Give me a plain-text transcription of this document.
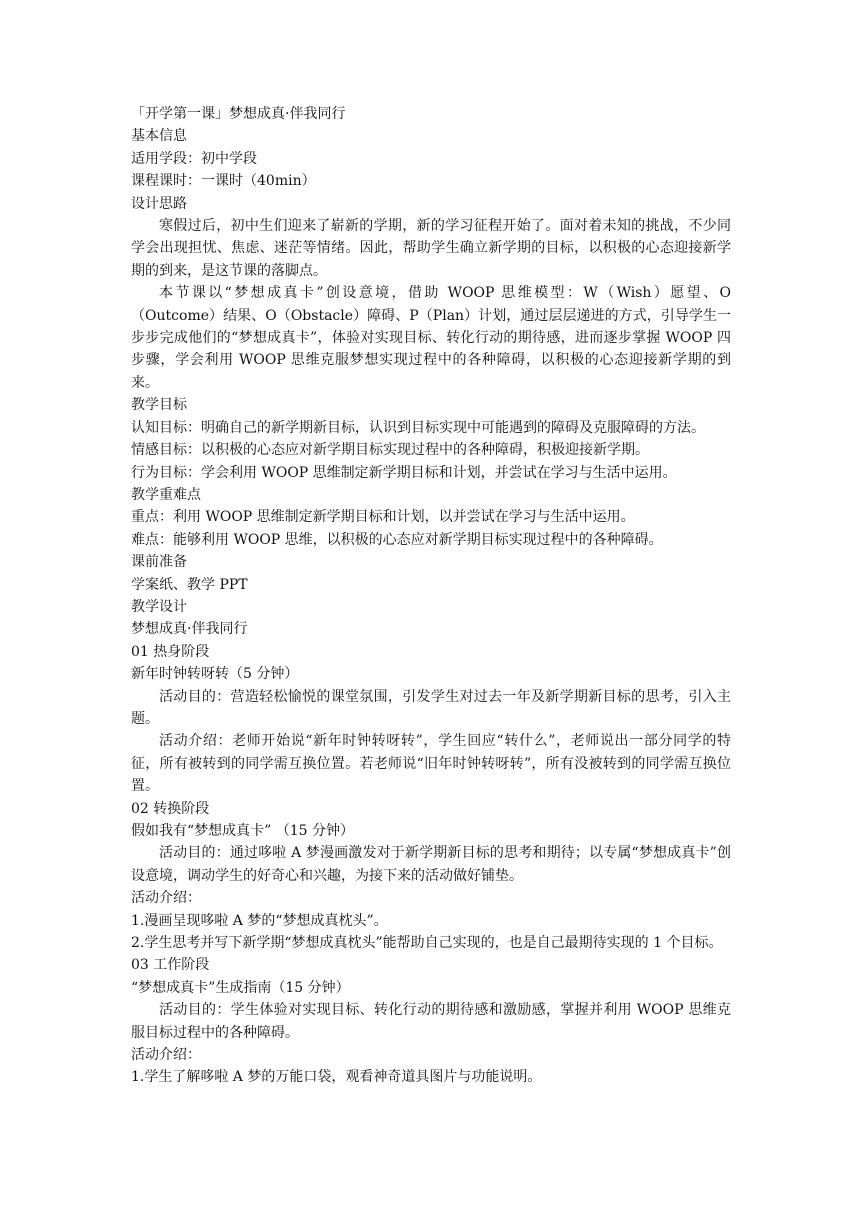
「开学第一课」梦想成真·伴我同行

基本信息

适用学段：初中学段

课程课时：一课时（40min）

设计思路

寒假过后，初中生们迎来了崭新的学期，新的学习征程开始了。面对着未知的挑战，不少同学会出现担忧、焦虑、迷茫等情绪。因此，帮助学生确立新学期的目标，以积极的心态迎接新学期的到来，是这节课的落脚点。

本节课以“梦想成真卡”创设意境，借助 WOOP 思维模型：W（Wish）愿望、O（Outcome）结果、O（Obstacle）障碍、P（Plan）计划，通过层层递进的方式，引导学生一步步完成他们的“梦想成真卡”，体验对实现目标、转化行动的期待感，进而逐步掌握 WOOP 四步骤，学会利用 WOOP 思维克服梦想实现过程中的各种障碍，以积极的心态迎接新学期的到来。

教学目标

认知目标：明确自己的新学期新目标，认识到目标实现中可能遇到的障碍及克服障碍的方法。

情感目标：以积极的心态应对新学期目标实现过程中的各种障碍，积极迎接新学期。

行为目标：学会利用 WOOP 思维制定新学期目标和计划，并尝试在学习与生活中运用。

教学重难点

重点：利用 WOOP 思维制定新学期目标和计划，以并尝试在学习与生活中运用。

难点：能够利用 WOOP 思维，以积极的心态应对新学期目标实现过程中的各种障碍。

课前准备

学案纸、教学 PPT

教学设计

梦想成真·伴我同行

01 热身阶段

新年时钟转呀转（5 分钟）

活动目的：营造轻松愉悦的课堂氛围，引发学生对过去一年及新学期新目标的思考，引入主题。

活动介绍：老师开始说“新年时钟转呀转”，学生回应“转什么”，老师说出一部分同学的特征，所有被转到的同学需互换位置。若老师说“旧年时钟转呀转”，所有没被转到的同学需互换位置。

02 转换阶段

假如我有“梦想成真卡” （15 分钟）

活动目的：通过哆啦 A 梦漫画激发对于新学期新目标的思考和期待；以专属“梦想成真卡”创设意境，调动学生的好奇心和兴趣，为接下来的活动做好铺垫。

活动介绍：

1.漫画呈现哆啦 A 梦的“梦想成真枕头”。

2.学生思考并写下新学期“梦想成真枕头”能帮助自己实现的，也是自己最期待实现的 1 个目标。

03 工作阶段

“梦想成真卡”生成指南（15 分钟）

活动目的：学生体验对实现目标、转化行动的期待感和激励感，掌握并利用 WOOP 思维克服目标过程中的各种障碍。

活动介绍：

1.学生了解哆啦 A 梦的万能口袋，观看神奇道具图片与功能说明。
